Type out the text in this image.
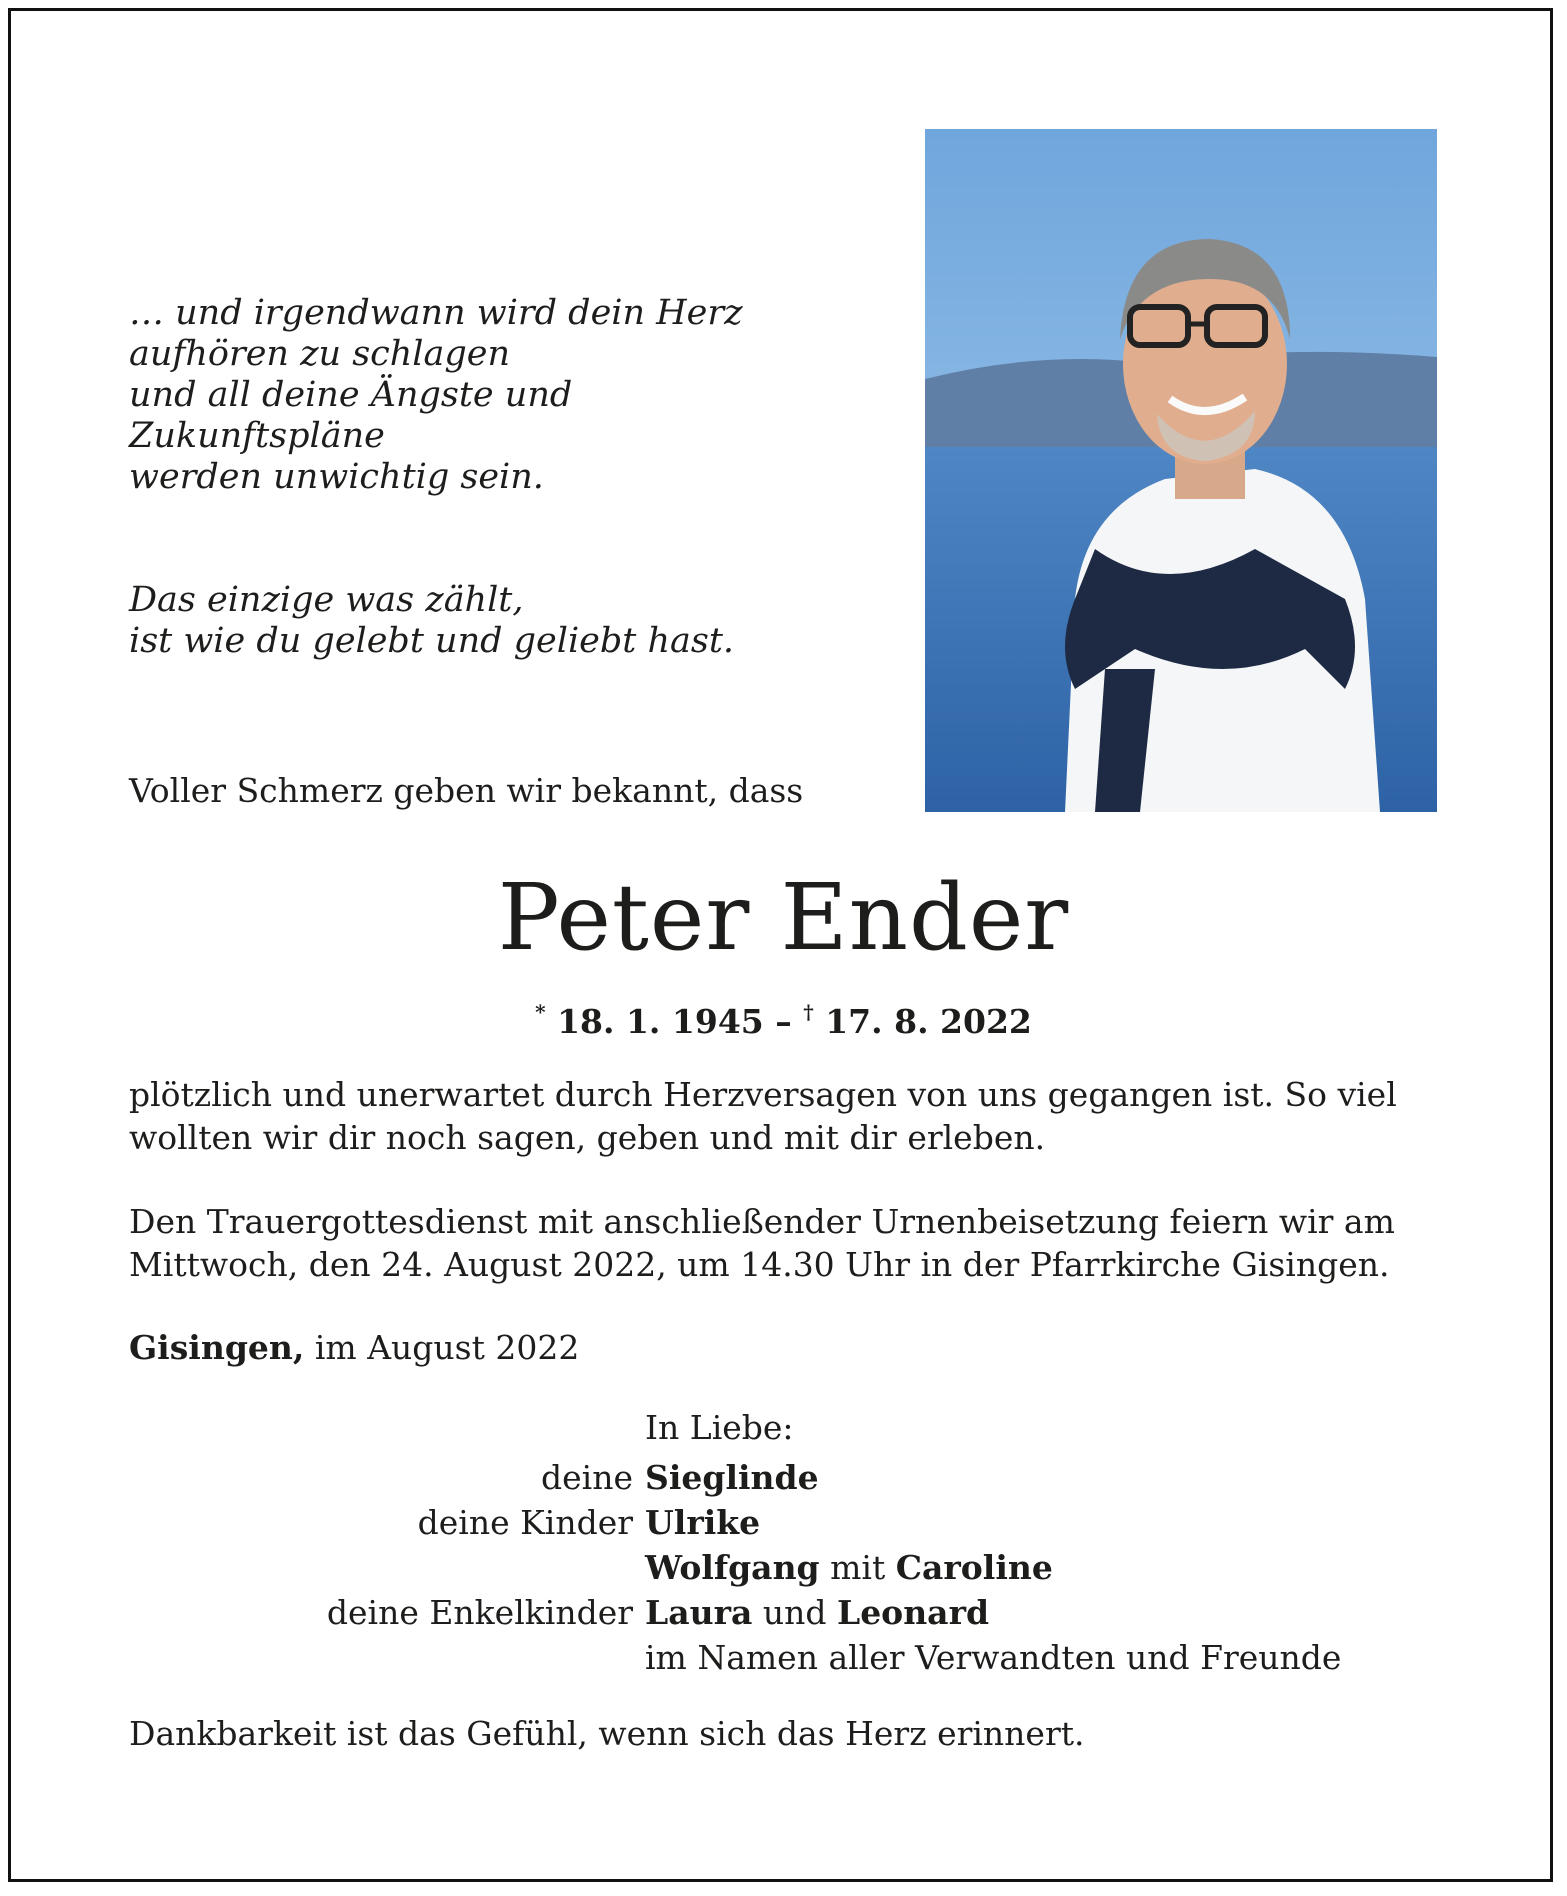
… und irgendwann wird dein Herz
aufhören zu schlagen
und all deine Ängste und Zukunftspläne
werden unwichtig sein.

Das einzige was zählt,
ist wie du gelebt und geliebt hast.

Voller Schmerz geben wir bekannt, dass
Peter Ender
* 18. 1. 1945 – † 17. 8. 2022
plötzlich und unerwartet durch Herzversagen von uns gegangen ist. So viel wollten wir dir noch sagen, geben und mit dir erleben.
Den Trauergottesdienst mit anschließender Urnenbeisetzung feiern wir am Mittwoch, den 24. August 2022, um 14.30 Uhr in der Pfarrkirche Gisingen.
Gisingen, im August 2022
In Liebe:
deine Sieglinde
deine Kinder Ulrike
Wolfgang mit Caroline
deine Enkelkinder Laura und Leonard
im Namen aller Verwandten und Freunde
Dankbarkeit ist das Gefühl, wenn sich das Herz erinnert.
